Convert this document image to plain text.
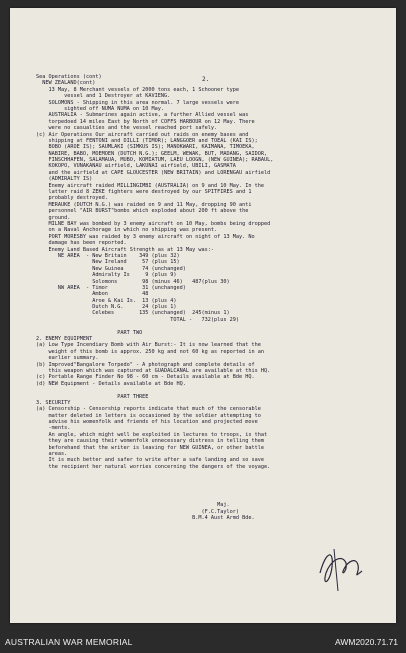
2.
Sea Operations (cont)
NEW ZEALAND(cont)
13 May, 8 Merchant vessels of 2000 tons each, 1 Schooner type
vessel and 1 Destroyer at KAVIENG.
SOLOMONS - Shipping in this area normal. 7 large vessels were
sighted off NUMA NUMA on 10 May.
AUSTRALIA - Submarines again active, a further Allied vessel was
torpedoed 14 miles East by North of COFFS HARBOUR on 12 May. There
were no casualties and the vessel reached port safely.
(c) Air Operations Our aircraft carried out raids on enemy bases and
shipping at FENTONI and DILLI (TIMOR); LANGGOER and TOEAL (KAI IS);
BOBO (AROE IS); SAUMLAKI (SIMKUS IS); MANOKWARI, KAIMANA, TIMOEKA,
NABIRE, BABO, MOEMOEN (DUTCH N.G.); GEELM, WEWAK, BUT, MADANG, SAIDOR,
FINSCHHAFEN, SALAMAUA, MUBO, KOMIATUM, LAEU LOOGN, (NEW GUINEA); RABAUL,
KOKOPO, VUNAKANAU airfield, LAKUNAI airfield, UBILI, GASMATA
and the airfield at CAPE GLOUCESTER (NEW BRITAIN) and LORENGAU airfield
(ADMIRALTY IS)
Enemy aircraft raided MILLINGIMBI (AUSTRALIA) on 9 and 10 May. In the
latter raid 8 ZEKE fighters were destroyed by our SPITFIRES and 1
probably destroyed.
MERAUKE (DUTCH N.G.) was raided on 9 and 11 May, dropping 90 anti
personnel "AIR BURST"bombs which exploded about 200 ft above the
ground.
MILNE BAY was bombed by 3 enemy aircraft on 10 May, bombs being dropped
on a Naval Anchorage in which no shipping was present.
PORT MORESBY was raided by 3 enemy aircraft on night of 13 May. No
damage has been reported.
Enemy Land Based Aircraft Strength as at 13 May was:-
NE AREA  - New Britain    349 (plus 32)
New Ireland     57 (plus 15)
New Guinea      74 (unchanged)
Admiralty Is     9 (plus 9)
Solomons        98 (minus 46)   487(plus 30)
NW AREA  - Timor           31 (unchanged)
Ambon           48
Aroe & Kai Is.  13 (plus 4)
Dutch N.G.      24 (plus 1)
Celebes        135 (unchanged)  245(minus 1)
TOTAL -   732(plus 29)
PART TWO
2. ENEMY EQUIPMENT
(a) Low Type Incendiary Bomb with Air Burst:- It is now learned that the
weight of this bomb is approx. 250 kg and not 60 kg as reported in an
earlier summary.
(b) Improved"Bangalore Torpedo" - A photograph and complete details of
this weapon which was captured at GUADALCANAL are available at this HQ.
(c) Portable Range Finder No 98 - 60 cm - Details available at Bde HQ.
(d) NEW Equipment - Details available at Bde HQ.
PART THREE
3. SECURITY
(a) Censorship - Censorship reports indicate that much of the censorable
matter deleted in letters is occasioned by the soldier attempting to
advise his womenfolk and friends of his location and projected move
-ments.
An angle, which might well be exploited in lectures to troops, is that
they are causing their womenfolk unnecessary distress in telling them
beforehand that the writer is leaving for NEW GUINEA, or other battle
areas.
It is much better and safer to write after a safe landing and so save
the recipient her natural worries concerning the dangers of the voyage.
Maj.
(F.C.Taylor)
B.M.4 Aust Armd Bde.
AUSTRALIAN WAR MEMORIAL	AWM2020.71.71
